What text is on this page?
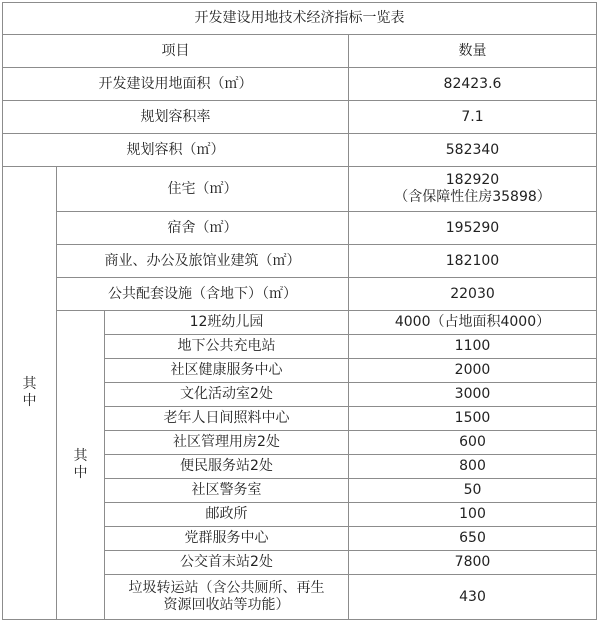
开发建设用地技术经济指标一览表			
项目			数量
开发建设用地面积（㎡）			82423.6
规划容积率			7.1
规划容积（㎡）			582340

其
中	住宅（㎡）		182920
（含保障性住房35898）

	宿舍（㎡）		195290
	商业、办公及旅馆业建筑（㎡）		182100
	公共配套设施（含地下）（㎡）		22030

	其
中	12班幼儿园	4000（占地面积4000）
		地下公共充电站	1100
		社区健康服务中心	2000
		文化活动室2处	3000
		老年人日间照料中心	1500
		社区管理用房2处	600
		便民服务站2处	800
		社区警务室	50
		邮政所	100
		党群服务中心	650
		公交首末站2处	7800

		垃圾转运站（含公共厕所、再生
资源回收站等功能）	430
